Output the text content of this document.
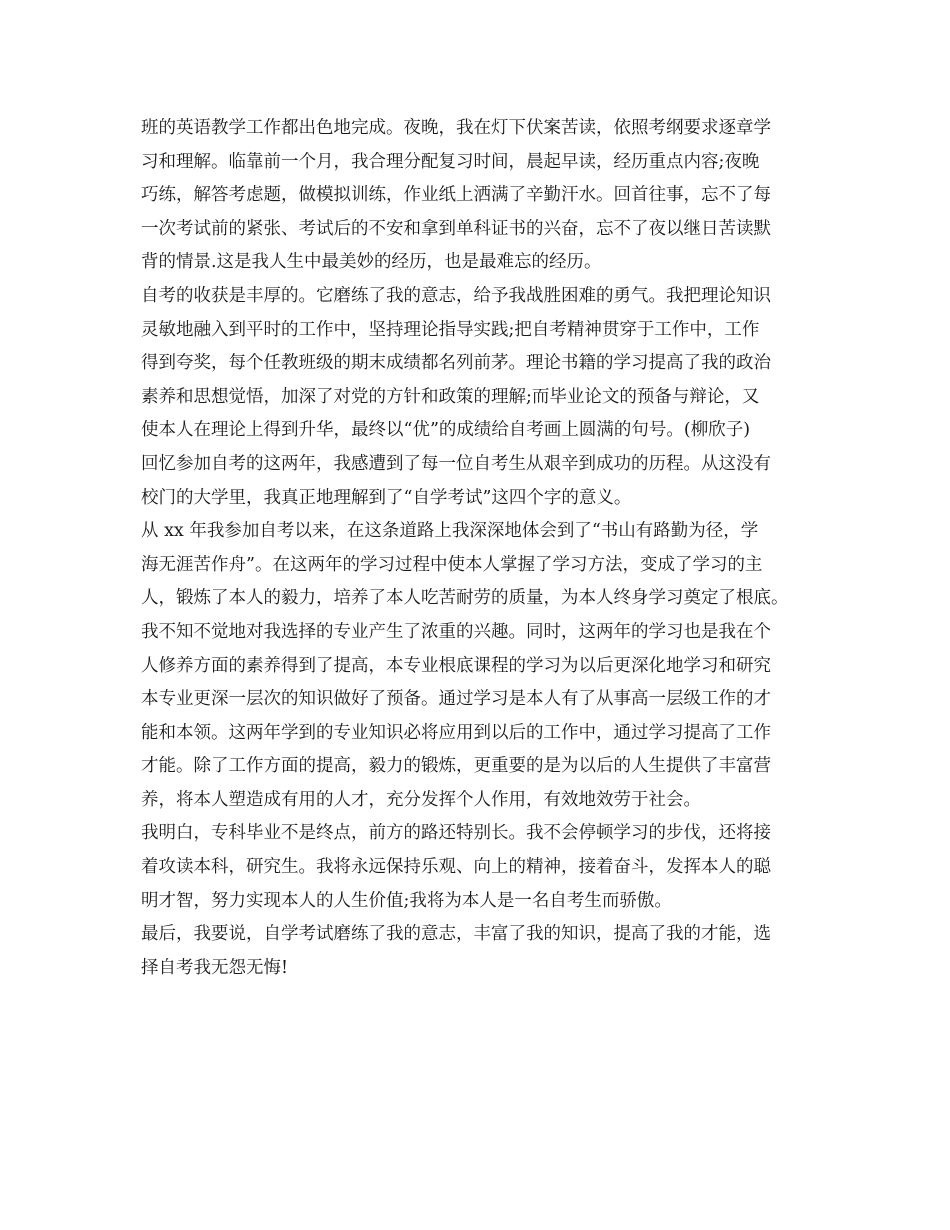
班的英语教学工作都出色地完成。夜晚，我在灯下伏案苦读，依照考纲要求逐章学
习和理解。临靠前一个月，我合理分配复习时间，晨起早读，经历重点内容;夜晚
巧练，解答考虑题，做模拟训练，作业纸上洒满了辛勤汗水。回首往事，忘不了每
一次考试前的紧张、考试后的不安和拿到单科证书的兴奋，忘不了夜以继日苦读默
背的情景.这是我人生中最美妙的经历，也是最难忘的经历。
自考的收获是丰厚的。它磨练了我的意志，给予我战胜困难的勇气。我把理论知识
灵敏地融入到平时的工作中，坚持理论指导实践;把自考精神贯穿于工作中，工作
得到夸奖，每个任教班级的期末成绩都名列前茅。理论书籍的学习提高了我的政治
素养和思想觉悟，加深了对党的方针和政策的理解;而毕业论文的预备与辩论，又
使本人在理论上得到升华，最终以“优”的成绩给自考画上圆满的句号。(柳欣子)
回忆参加自考的这两年，我感遭到了每一位自考生从艰辛到成功的历程。从这没有
校门的大学里，我真正地理解到了“自学考试”这四个字的意义。
从 xx 年我参加自考以来，在这条道路上我深深地体会到了“书山有路勤为径，学
海无涯苦作舟”。在这两年的学习过程中使本人掌握了学习方法，变成了学习的主
人，锻炼了本人的毅力，培养了本人吃苦耐劳的质量，为本人终身学习奠定了根底。
我不知不觉地对我选择的专业产生了浓重的兴趣。同时，这两年的学习也是我在个
人修养方面的素养得到了提高，本专业根底课程的学习为以后更深化地学习和研究
本专业更深一层次的知识做好了预备。通过学习是本人有了从事高一层级工作的才
能和本领。这两年学到的专业知识必将应用到以后的工作中，通过学习提高了工作
才能。除了工作方面的提高，毅力的锻炼，更重要的是为以后的人生提供了丰富营
养，将本人塑造成有用的人才，充分发挥个人作用，有效地效劳于社会。
我明白，专科毕业不是终点，前方的路还特别长。我不会停顿学习的步伐，还将接
着攻读本科，研究生。我将永远保持乐观、向上的精神，接着奋斗，发挥本人的聪
明才智，努力实现本人的人生价值;我将为本人是一名自考生而骄傲。
最后，我要说，自学考试磨练了我的意志，丰富了我的知识，提高了我的才能，选
择自考我无怨无悔!
